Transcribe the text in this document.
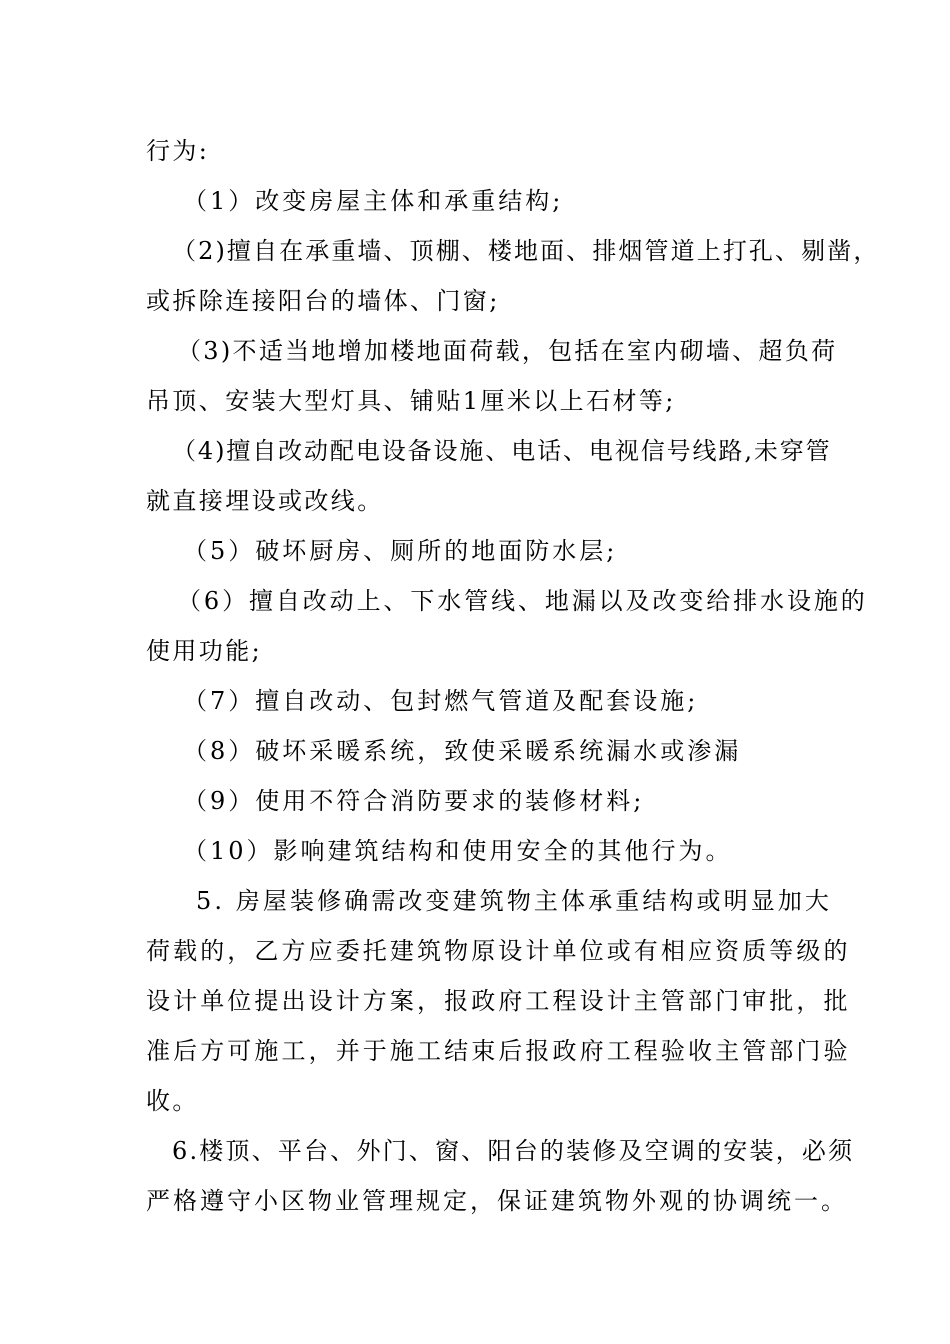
行为:
（1）改变房屋主体和承重结构;
（2)擅自在承重墙、顶棚、楼地面、排烟管道上打孔、剔凿，
或拆除连接阳台的墙体、门窗;
（3)不适当地增加楼地面荷载，包括在室内砌墙、超负荷
吊顶、安装大型灯具、铺贴1厘米以上石材等;
（4)擅自改动配电设备设施、电话、电视信号线路,未穿管
就直接埋设或改线。
（5）破坏厨房、厕所的地面防水层;
（6）擅自改动上、下水管线、地漏以及改变给排水设施的
使用功能;
（7）擅自改动、包封燃气管道及配套设施;
（8）破坏采暖系统，致使采暖系统漏水或渗漏
（9）使用不符合消防要求的装修材料;
（10）影响建筑结构和使用安全的其他行为。
5. 房屋装修确需改变建筑物主体承重结构或明显加大
荷载的，乙方应委托建筑物原设计单位或有相应资质等级的
设计单位提出设计方案，报政府工程设计主管部门审批，批
准后方可施工，并于施工结束后报政府工程验收主管部门验
收。
6.楼顶、平台、外门、窗、阳台的装修及空调的安装，必须
严格遵守小区物业管理规定，保证建筑物外观的协调统一。
